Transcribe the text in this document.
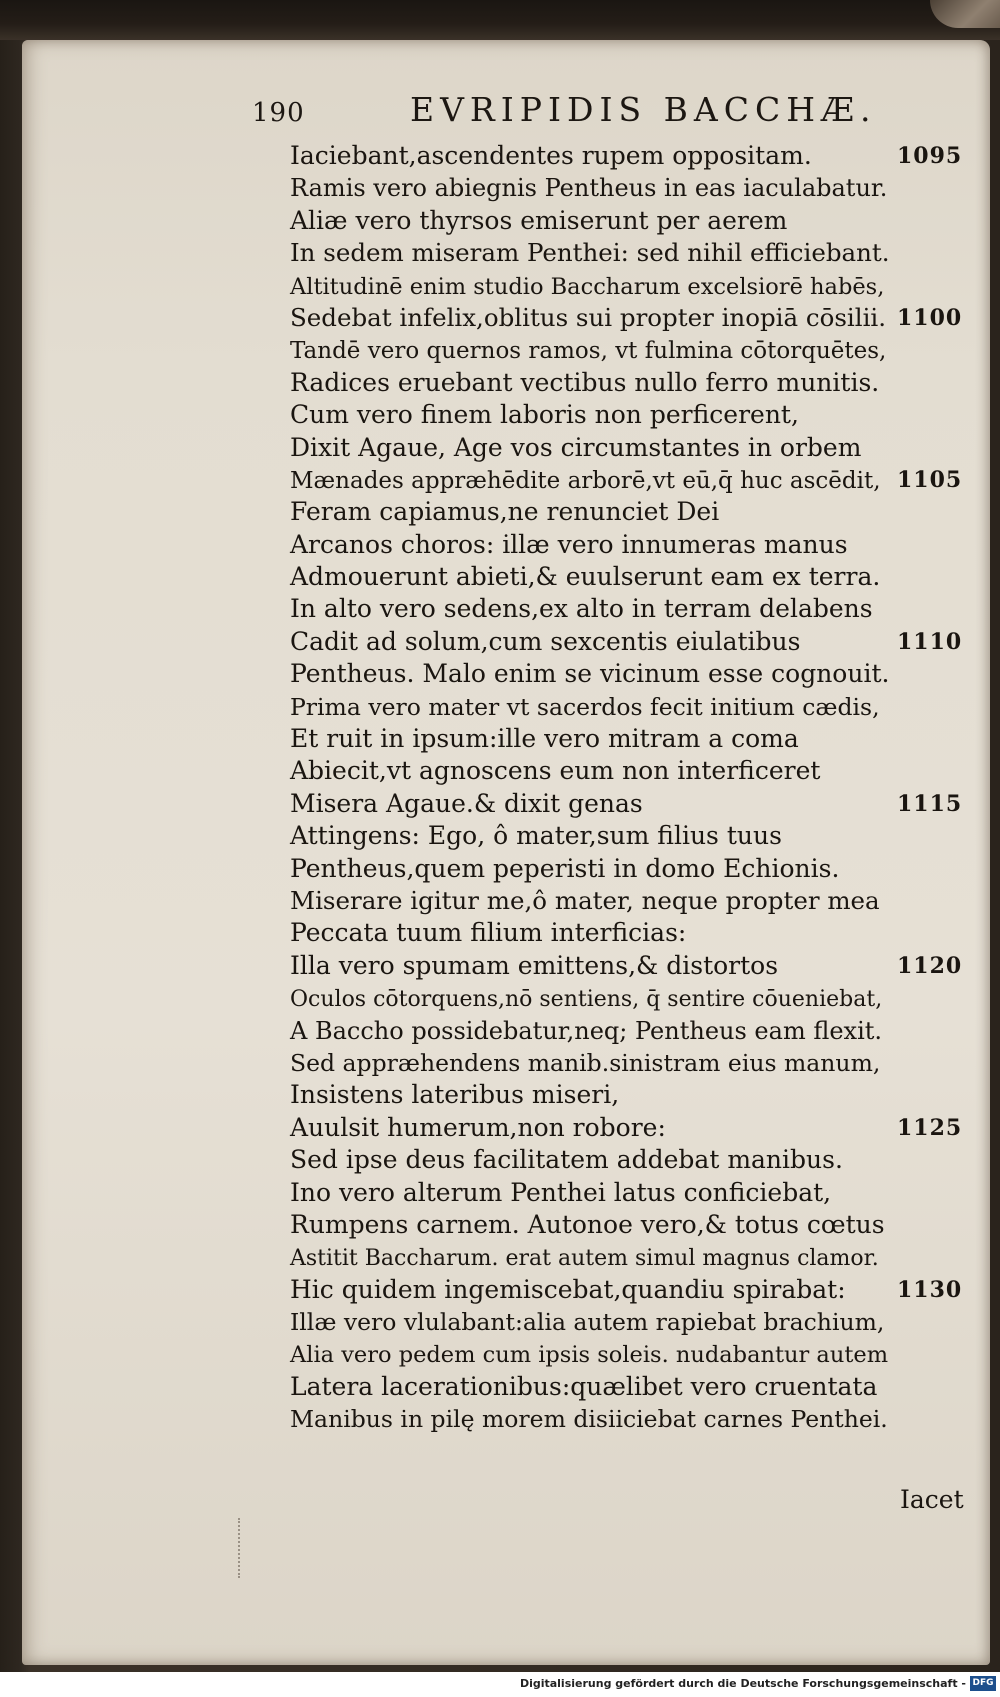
190	EVRIPIDIS BACCHÆ.
Iaciebant,ascendentes rupem oppositam.	1095
Ramis vero abiegnis Pentheus in eas iaculabatur.
Aliæ vero thyrsos emiserunt per aerem
In sedem miseram Penthei: sed nihil efficiebant.
Altitudinē enim studio Baccharum excelsiorē habēs,
Sedebat infelix,oblitus sui propter inopiā cōsilii. 1100
Tandē vero quernos ramos, vt fulmina cōtorquētes,
Radices eruebant vectibus nullo ferro munitis.
Cum vero finem laboris non perficerent,
Dixit Agaue, Age vos circumstantes in orbem
Mænades appræhēdite arborē,vt eū,q̄ huc ascēdit, 1105
Feram capiamus,ne renunciet Dei
Arcanos choros: illæ vero innumeras manus
Admouerunt abieti,& euulserunt eam ex terra.
In alto vero sedens,ex alto in terram delabens
Cadit ad solum,cum sexcentis eiulatibus	1110
Pentheus. Malo enim se vicinum esse cognouit.
Prima vero mater vt sacerdos fecit initium cædis,
Et ruit in ipsum:ille vero mitram a coma
Abiecit,vt agnoscens eum non interficeret
Misera Agaue.& dixit genas	1115
Attingens: Ego, ô mater,sum filius tuus
Pentheus,quem peperisti in domo Echionis.
Miserare igitur me,ô mater, neque propter mea
Peccata tuum filium interficias:
Illa vero spumam emittens,& distortos	1120
Oculos cōtorquens,nō sentiens, q̄ sentire cōueniebat,
A Baccho possidebatur,neq; Pentheus eam flexit.
Sed appræhendens manib.sinistram eius manum,
Insistens lateribus miseri,
Auulsit humerum,non robore:	1125
Sed ipse deus facilitatem addebat manibus.
Ino vero alterum Penthei latus conficiebat,
Rumpens carnem. Autonoe vero,& totus cœtus
Astitit Baccharum. erat autem simul magnus clamor.
Hic quidem ingemiscebat,quandiu spirabat: 1130
Illæ vero vlulabant:alia autem rapiebat brachium,
Alia vero pedem cum ipsis soleis. nudabantur autem
Latera lacerationibus:quælibet vero cruentata
Manibus in pilę morem disiiciebat carnes Penthei.
Iacet
Digitalisierung gefördert durch die Deutsche Forschungsgemeinschaft - DFG
